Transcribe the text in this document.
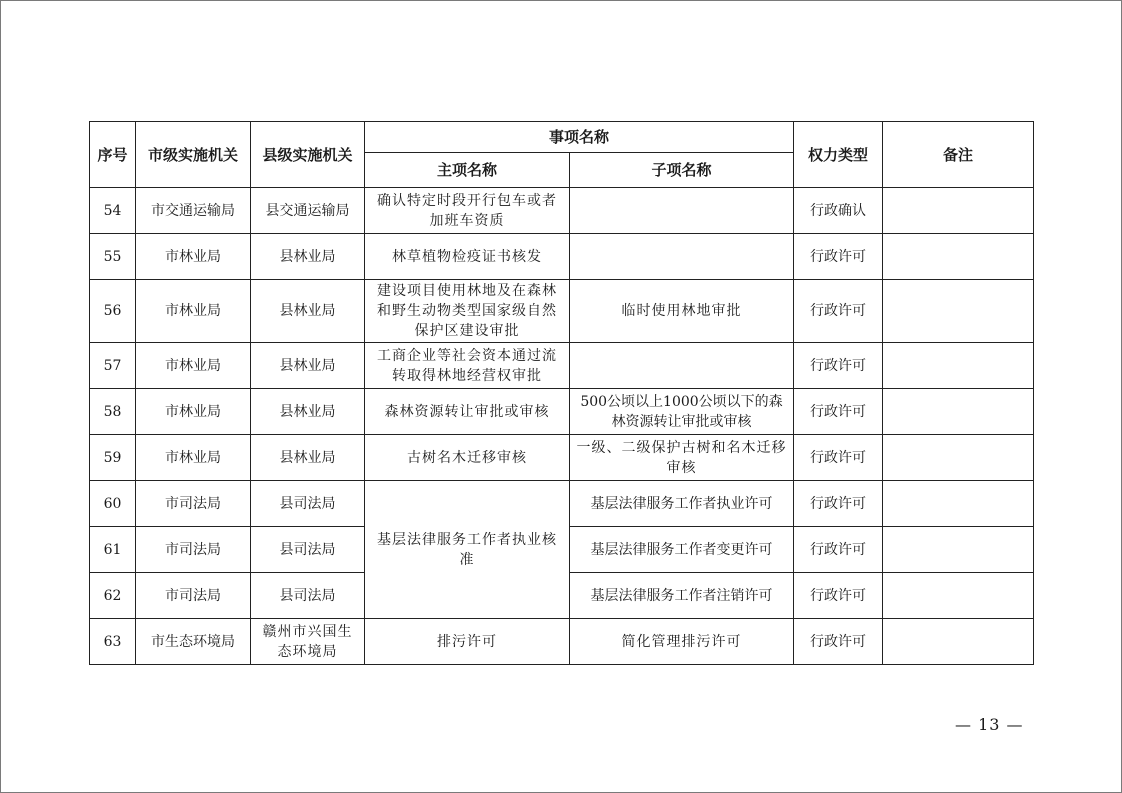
序号	市级实施机关	县级实施机关	事项名称		权力类型	备注
			主项名称	子项名称		
54	市交通运输局	县交通运输局	确认特定时段开行包车或者加班车资质		行政确认	
55	市林业局	县林业局	林草植物检疫证书核发		行政许可	
56	市林业局	县林业局	建设项目使用林地及在森林和野生动物类型国家级自然保护区建设审批	临时使用林地审批	行政许可	
57	市林业局	县林业局	工商企业等社会资本通过流转取得林地经营权审批		行政许可	
58	市林业局	县林业局	森林资源转让审批或审核	500公顷以上1000公顷以下的森林资源转让审批或审核	行政许可	
59	市林业局	县林业局	古树名木迁移审核	一级、二级保护古树和名木迁移审核	行政许可	
60	市司法局	县司法局	基层法律服务工作者执业核准	基层法律服务工作者执业许可	行政许可	
61	市司法局	县司法局		基层法律服务工作者变更许可	行政许可	
62	市司法局	县司法局		基层法律服务工作者注销许可	行政许可	
63	市生态环境局	赣州市兴国生态环境局	排污许可	简化管理排污许可	行政许可	
— 13 —
